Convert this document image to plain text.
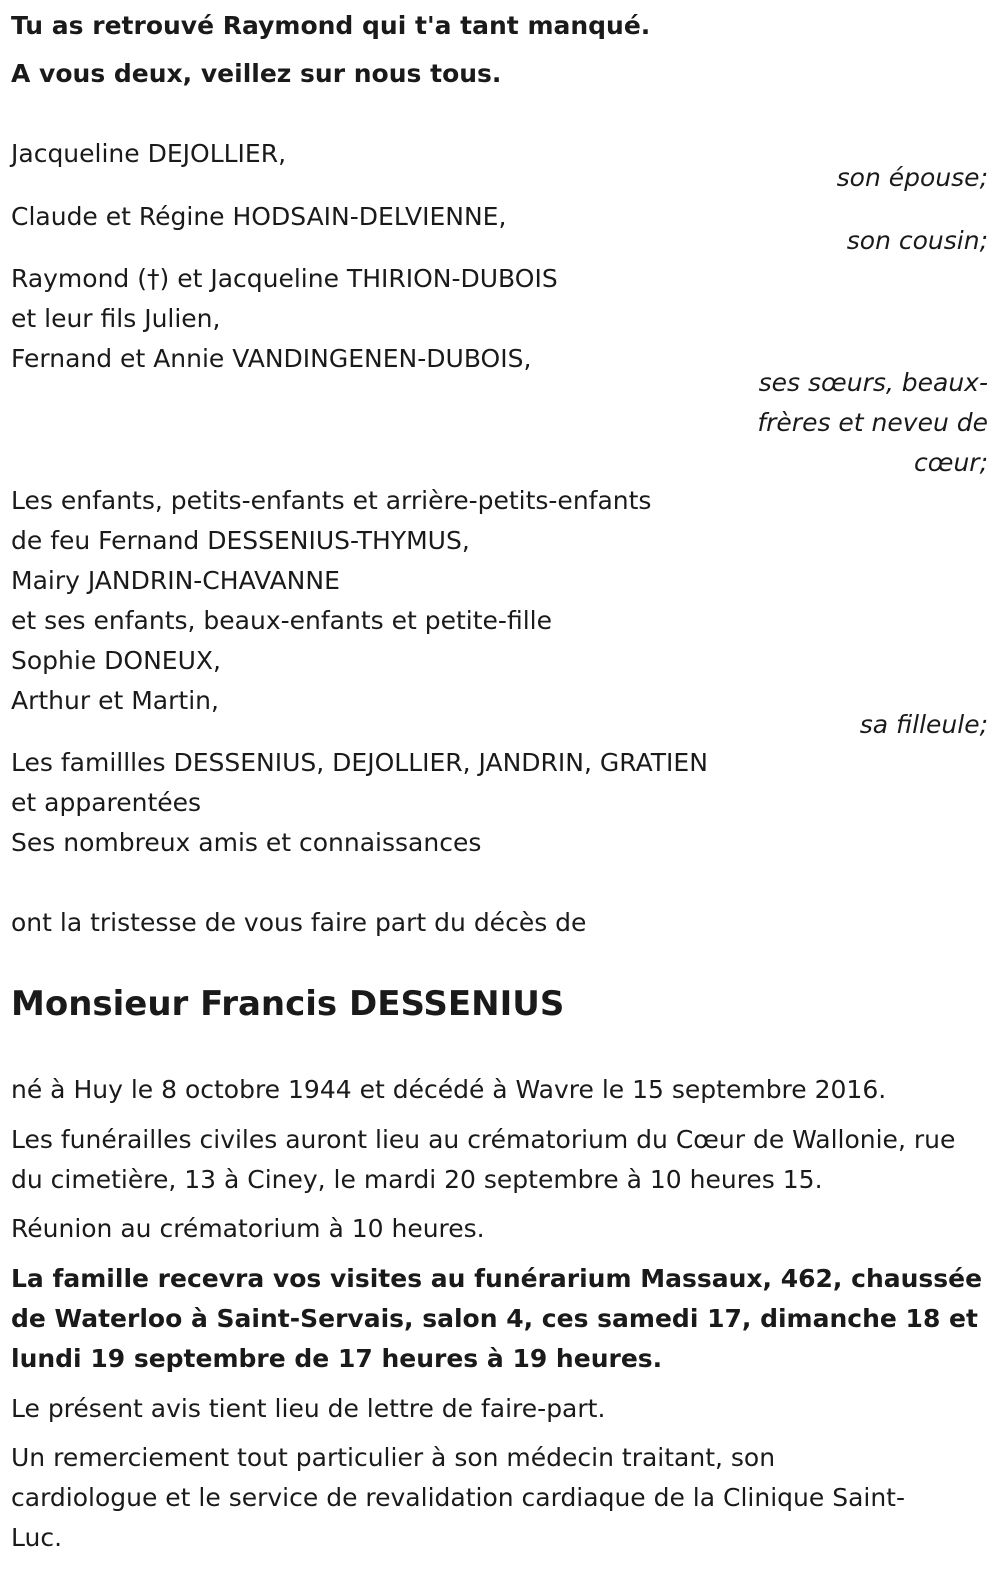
Tu as retrouvé Raymond qui t'a tant manqué.
A vous deux, veillez sur nous tous.
Jacqueline DEJOLLIER,
son épouse;
Claude et Régine HODSAIN-DELVIENNE,
son cousin;
Raymond (†) et Jacqueline THIRION-DUBOIS
et leur fils Julien,
Fernand et Annie VANDINGENEN-DUBOIS,
ses sœurs, beaux-
frères et neveu de
cœur;
Les enfants, petits-enfants et arrière-petits-enfants
de feu Fernand DESSENIUS-THYMUS,
Mairy JANDRIN-CHAVANNE
et ses enfants, beaux-enfants et petite-fille
Sophie DONEUX,
Arthur et Martin,
sa filleule;
Les famillles DESSENIUS, DEJOLLIER, JANDRIN, GRATIEN
et apparentées
Ses nombreux amis et connaissances
ont la tristesse de vous faire part du décès de
Monsieur Francis DESSENIUS
né à Huy le 8 octobre 1944 et décédé à Wavre le 15 septembre 2016.
Les funérailles civiles auront lieu au crématorium du Cœur de Wallonie, rue du cimetière, 13 à Ciney, le mardi 20 septembre à 10 heures 15.
Réunion au crématorium à 10 heures.
La famille recevra vos visites au funérarium Massaux, 462, chaussée de Waterloo à Saint-Servais, salon 4, ces samedi 17, dimanche 18 et lundi 19 septembre de 17 heures à 19 heures.
Le présent avis tient lieu de lettre de faire-part.
Un remerciement tout particulier à son médecin traitant, son cardiologue et le service de revalidation cardiaque de la Clinique Saint-Luc.
